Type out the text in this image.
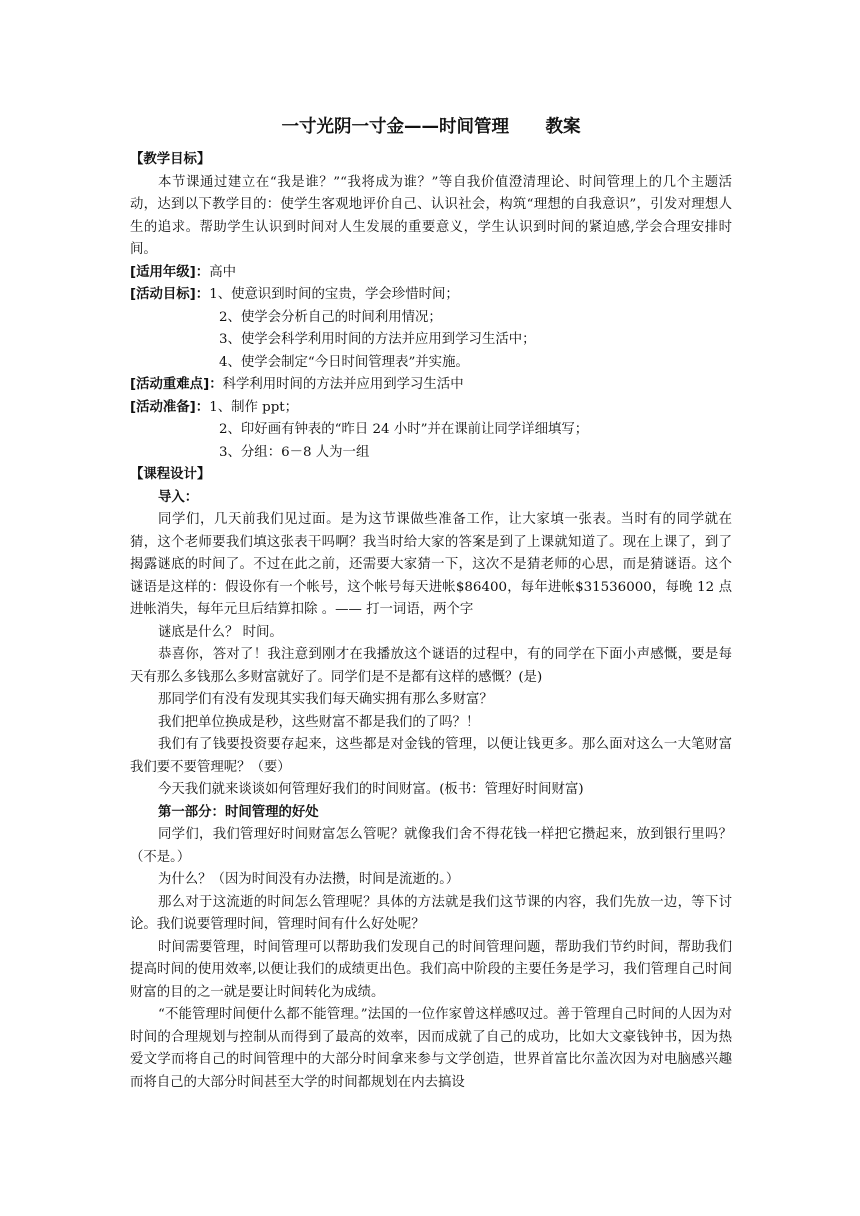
一寸光阴一寸金——时间管理      教案

【教学目标】

本节课通过建立在“我是谁？”“我将成为谁？”等自我价值澄清理论、时间管理上的几个主题活动，达到以下教学目的：使学生客观地评价自己、认识社会，构筑“理想的自我意识”，引发对理想人生的追求。帮助学生认识到时间对人生发展的重要意义，学生认识到时间的紧迫感,学会合理安排时间。

[适用年级]： 高中
[活动目标]： 1、使意识到时间的宝贵，学会珍惜时间；
2、使学会分析自己的时间利用情况；
3、使学会科学利用时间的方法并应用到学习生活中；
4、使学会制定“今日时间管理表”并实施。
[活动重难点]： 科学利用时间的方法并应用到学习生活中
[活动准备]： 1、制作 ppt；
2、印好画有钟表的“昨日 24 小时”并在课前让同学详细填写；
3、分组：6－8 人为一组

【课程设计】

导入：

同学们，几天前我们见过面。是为这节课做些准备工作，让大家填一张表。当时有的同学就在猜，这个老师要我们填这张表干吗啊？我当时给大家的答案是到了上课就知道了。现在上课了，到了揭露谜底的时间了。不过在此之前，还需要大家猜一下，这次不是猜老师的心思，而是猜谜语。这个谜语是这样的：假设你有一个帐号，这个帐号每天进帐$86400，每年进帐$31536000，每晚 12 点进帐消失，每年元旦后结算扣除 。—— 打一词语，两个字

谜底是什么？ 时间。

恭喜你，答对了！我注意到刚才在我播放这个谜语的过程中，有的同学在下面小声感慨，要是每天有那么多钱那么多财富就好了。同学们是不是都有这样的感慨？(是)

那同学们有没有发现其实我们每天确实拥有那么多财富？

我们把单位换成是秒，这些财富不都是我们的了吗？！

我们有了钱要投资要存起来，这些都是对金钱的管理，以便让钱更多。那么面对这么一大笔财富我们要不要管理呢？（要）

今天我们就来谈谈如何管理好我们的时间财富。(板书：管理好时间财富)

第一部分：时间管理的好处

同学们，我们管理好时间财富怎么管呢？就像我们舍不得花钱一样把它攒起来，放到银行里吗？（不是。）

为什么？（因为时间没有办法攒，时间是流逝的。）

那么对于这流逝的时间怎么管理呢？具体的方法就是我们这节课的内容，我们先放一边，等下讨论。我们说要管理时间，管理时间有什么好处呢？

时间需要管理，时间管理可以帮助我们发现自己的时间管理问题，帮助我们节约时间，帮助我们提高时间的使用效率,以便让我们的成绩更出色。我们高中阶段的主要任务是学习，我们管理自己时间财富的目的之一就是要让时间转化为成绩。

“不能管理时间便什么都不能管理。”法国的一位作家曾这样感叹过。善于管理自己时间的人因为对时间的合理规划与控制从而得到了最高的效率，因而成就了自己的成功，比如大文豪钱钟书，因为热爱文学而将自己的时间管理中的大部分时间拿来参与文学创造，世界首富比尔盖次因为对电脑感兴趣而将自己的大部分时间甚至大学的时间都规划在内去搞设
